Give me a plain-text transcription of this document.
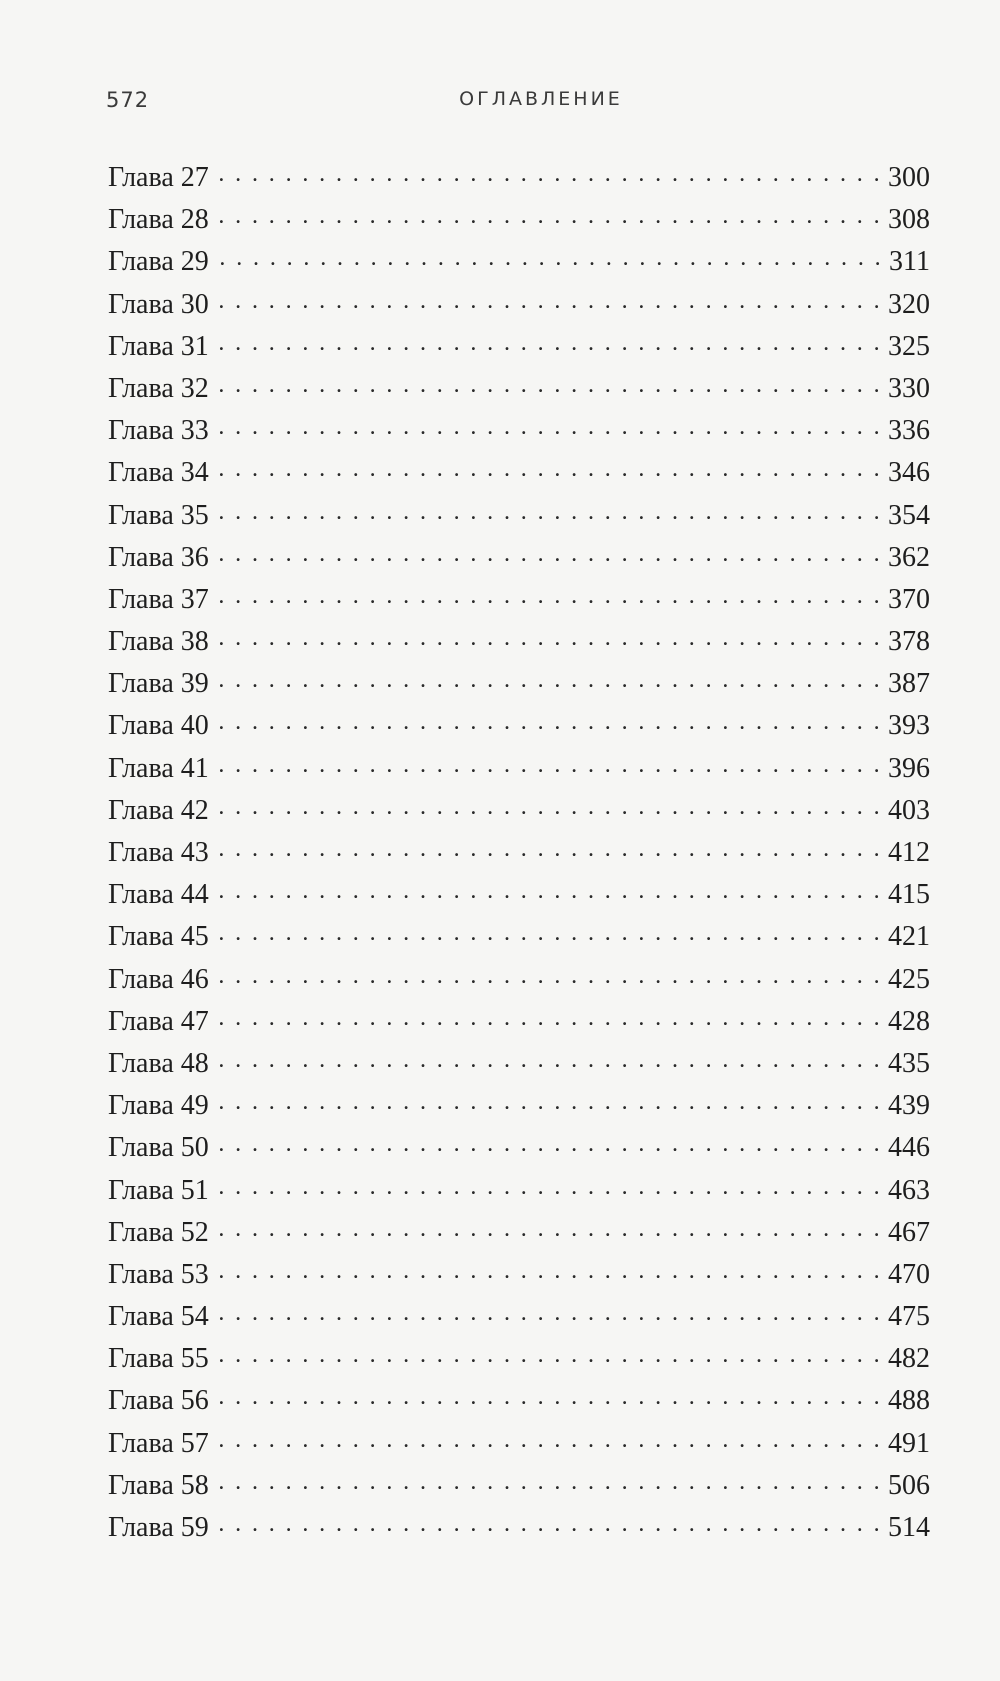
572	ОГЛАВЛЕНИЕ
Глава 27 . . .	300
Глава 28 . . .	308
Глава 29 . . .	311
Глава 30 . . .	320
Глава 31 . . .	325
Глава 32 . . .	330
Глава 33 . . .	336
Глава 34 . . .	346
Глава 35 . . .	354
Глава 36 . . .	362
Глава 37 . . .	370
Глава 38 . . .	378
Глава 39 . . .	387
Глава 40 . . .	393
Глава 41 . . .	396
Глава 42 . . .	403
Глава 43 . . .	412
Глава 44 . . .	415
Глава 45 . . .	421
Глава 46 . . .	425
Глава 47 . . .	428
Глава 48 . . .	435
Глава 49 . . .	439
Глава 50 . . .	446
Глава 51 . . .	463
Глава 52 . . .	467
Глава 53 . . .	470
Глава 54 . . .	475
Глава 55 . . .	482
Глава 56 . . .	488
Глава 57 . . .	491
Глава 58 . . .	506
Глава 59 . . .	514
